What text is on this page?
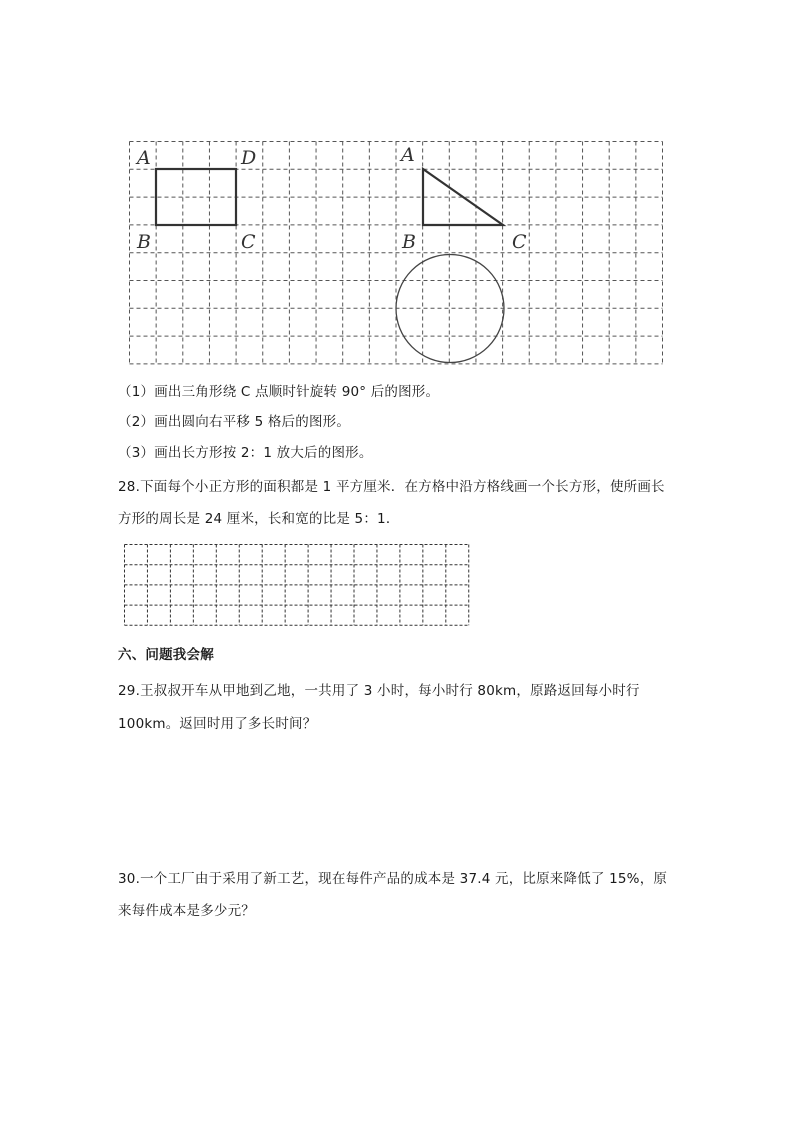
A	D
B	C
A
B	C
（1）画出三角形绕 C 点顺时针旋转 90° 后的图形。
（2）画出圆向右平移 5 格后的图形。
（3）画出长方形按 2：1 放大后的图形。
28.下面每个小正方形的面积都是 1 平方厘米．在方格中沿方格线画一个长方形，使所画长
方形的周长是 24 厘米，长和宽的比是 5：1．
六、问题我会解
29.王叔叔开车从甲地到乙地，一共用了 3 小时，每小时行 80km，原路返回每小时行
100km。返回时用了多长时间？
30.一个工厂由于采用了新工艺，现在每件产品的成本是 37.4 元，比原来降低了 15%，原
来每件成本是多少元？
